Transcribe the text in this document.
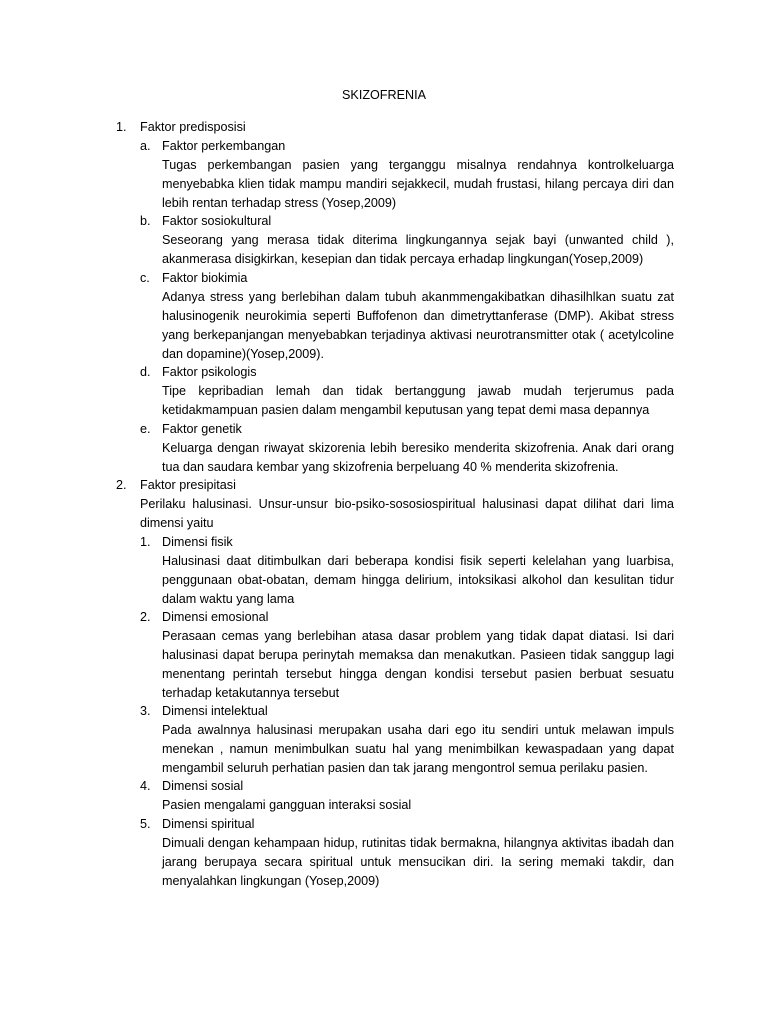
SKIZOFRENIA
1.	Faktor predisposisi
a. Faktor perkembangan
Tugas perkembangan pasien yang terganggu misalnya rendahnya kontrolkeluarga menyebabka klien tidak mampu mandiri sejakkecil, mudah frustasi, hilang percaya diri dan lebih rentan terhadap stress (Yosep,2009)
b. Faktor sosiokultural
Seseorang yang merasa tidak diterima lingkungannya sejak bayi (unwanted child ), akanmerasa disigkirkan, kesepian dan tidak percaya erhadap lingkungan(Yosep,2009)
c. Faktor biokimia
Adanya stress yang berlebihan dalam tubuh akanmmengakibatkan dihasilhlkan suatu zat halusinogenik neurokimia seperti Buffofenon dan dimetryttanferase (DMP). Akibat stress yang berkepanjangan menyebabkan terjadinya aktivasi neurotransmitter otak ( acetylcoline dan dopamine)(Yosep,2009).
d. Faktor psikologis
Tipe kepribadian lemah dan tidak bertanggung jawab mudah terjerumus pada ketidakmampuan pasien dalam mengambil keputusan yang tepat demi masa depannya
e. Faktor genetik
Keluarga dengan riwayat skizorenia lebih beresiko menderita skizofrenia. Anak dari orang tua dan saudara kembar yang skizofrenia berpeluang 40 % menderita skizofrenia.
2.	Faktor presipitasi
Perilaku halusinasi. Unsur-unsur bio-psiko-sososiospiritual halusinasi dapat dilihat dari lima dimensi yaitu
1. Dimensi fisik
Halusinasi daat ditimbulkan dari beberapa kondisi fisik seperti kelelahan yang luarbisa, penggunaan obat-obatan, demam hingga delirium, intoksikasi alkohol dan kesulitan tidur dalam waktu yang lama
2. Dimensi emosional
Perasaan cemas yang berlebihan atasa dasar problem yang tidak dapat diatasi. Isi dari halusinasi dapat berupa perinytah memaksa dan menakutkan. Pasieen tidak sanggup lagi menentang perintah tersebut hingga dengan kondisi tersebut pasien berbuat sesuatu terhadap ketakutannya tersebut
3. Dimensi intelektual
Pada awalnnya halusinasi merupakan usaha dari ego itu sendiri untuk melawan impuls menekan , namun menimbulkan suatu hal yang menimbilkan kewaspadaan yang dapat mengambil seluruh perhatian pasien dan tak jarang mengontrol semua perilaku pasien.
4. Dimensi sosial
Pasien mengalami gangguan interaksi sosial
5. Dimensi spiritual
Dimuali dengan kehampaan hidup, rutinitas tidak bermakna, hilangnya aktivitas ibadah dan jarang berupaya secara spiritual untuk mensucikan diri. Ia sering memaki takdir, dan menyalahkan lingkungan (Yosep,2009)
